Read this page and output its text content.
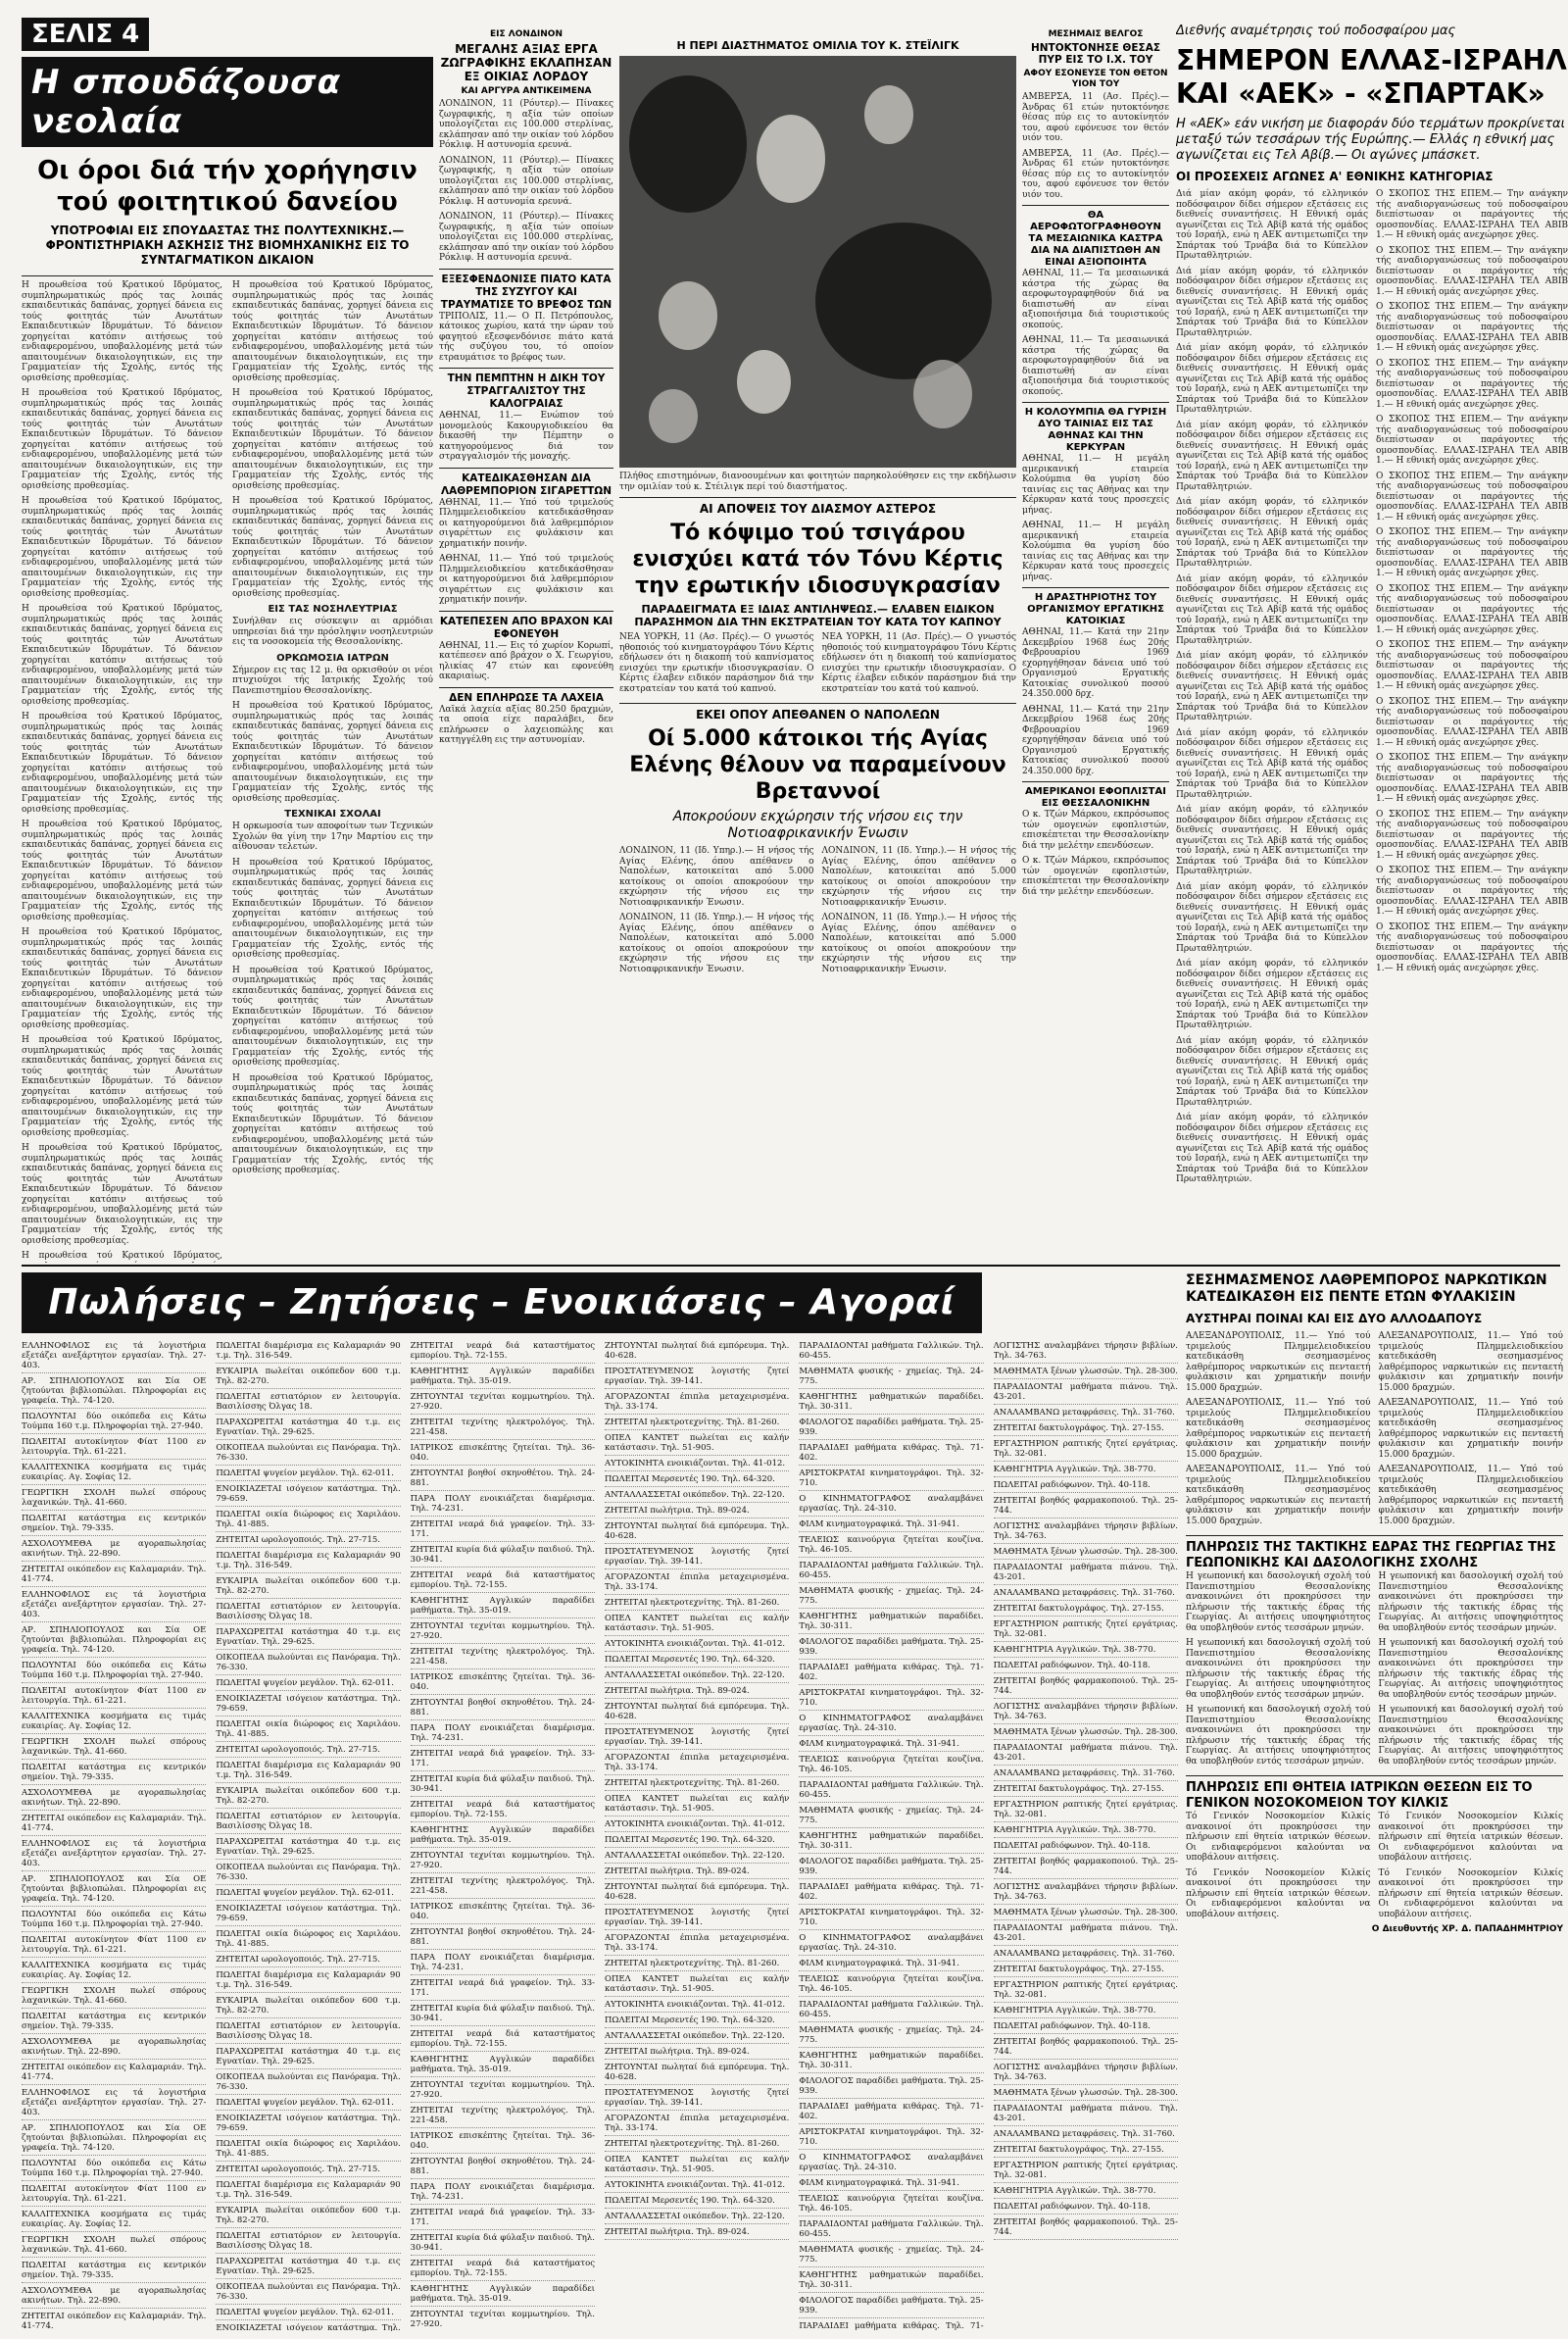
ΣΕΛΙΣ 4
Η σπουδάζουσα νεολαία
Οι όροι διά τήν χορήγησιν τού φοιτητικού δανείου
ΥΠΟΤΡΟΦΙΑΙ ΕΙΣ ΣΠΟΥΔΑΣΤΑΣ ΤΗΣ ΠΟΛΥΤΕΧΝΙΚΗΣ.— ΦΡΟΝΤΙΣΤΗΡΙΑΚΗ ΑΣΚΗΣΙΣ ΤΗΣ ΒΙΟΜΗΧΑΝΙΚΗΣ ΕΙΣ ΤΟ ΣΥΝΤΑΓΜΑΤΙΚΟΝ ΔΙΚΑΙΟΝ

Η προωθείσα τού Κρατικού Ιδρύματος, συμπληρωματικώς πρός τας λοιπάς εκπαιδευτικάς δαπάνας, χορηγεί δάνεια εις τούς φοιτητάς τών Ανωτάτων Εκπαιδευτικών Ιδρυμάτων. Τό δάνειον χορηγείται κατόπιν αιτήσεως τού ενδιαφερομένου, υποβαλλομένης μετά τών απαιτουμένων δικαιολογητικών, εις την Γραμματείαν τής Σχολής, εντός τής ορισθείσης προθεσμίας.

Η προωθείσα τού Κρατικού Ιδρύματος, συμπληρωματικώς πρός τας λοιπάς εκπαιδευτικάς δαπάνας, χορηγεί δάνεια εις τούς φοιτητάς τών Ανωτάτων Εκπαιδευτικών Ιδρυμάτων. Τό δάνειον χορηγείται κατόπιν αιτήσεως τού ενδιαφερομένου, υποβαλλομένης μετά τών απαιτουμένων δικαιολογητικών, εις την Γραμματείαν τής Σχολής, εντός τής ορισθείσης προθεσμίας.

Η προωθείσα τού Κρατικού Ιδρύματος, συμπληρωματικώς πρός τας λοιπάς εκπαιδευτικάς δαπάνας, χορηγεί δάνεια εις τούς φοιτητάς τών Ανωτάτων Εκπαιδευτικών Ιδρυμάτων. Τό δάνειον χορηγείται κατόπιν αιτήσεως τού ενδιαφερομένου, υποβαλλομένης μετά τών απαιτουμένων δικαιολογητικών, εις την Γραμματείαν τής Σχολής, εντός τής ορισθείσης προθεσμίας.

Η προωθείσα τού Κρατικού Ιδρύματος, συμπληρωματικώς πρός τας λοιπάς εκπαιδευτικάς δαπάνας, χορηγεί δάνεια εις τούς φοιτητάς τών Ανωτάτων Εκπαιδευτικών Ιδρυμάτων. Τό δάνειον χορηγείται κατόπιν αιτήσεως τού ενδιαφερομένου, υποβαλλομένης μετά τών απαιτουμένων δικαιολογητικών, εις την Γραμματείαν τής Σχολής, εντός τής ορισθείσης προθεσμίας.

Η προωθείσα τού Κρατικού Ιδρύματος, συμπληρωματικώς πρός τας λοιπάς εκπαιδευτικάς δαπάνας, χορηγεί δάνεια εις τούς φοιτητάς τών Ανωτάτων Εκπαιδευτικών Ιδρυμάτων. Τό δάνειον χορηγείται κατόπιν αιτήσεως τού ενδιαφερομένου, υποβαλλομένης μετά τών απαιτουμένων δικαιολογητικών, εις την Γραμματείαν τής Σχολής, εντός τής ορισθείσης προθεσμίας.

Η προωθείσα τού Κρατικού Ιδρύματος, συμπληρωματικώς πρός τας λοιπάς εκπαιδευτικάς δαπάνας, χορηγεί δάνεια εις τούς φοιτητάς τών Ανωτάτων Εκπαιδευτικών Ιδρυμάτων. Τό δάνειον χορηγείται κατόπιν αιτήσεως τού ενδιαφερομένου, υποβαλλομένης μετά τών απαιτουμένων δικαιολογητικών, εις την Γραμματείαν τής Σχολής, εντός τής ορισθείσης προθεσμίας.

Η προωθείσα τού Κρατικού Ιδρύματος, συμπληρωματικώς πρός τας λοιπάς εκπαιδευτικάς δαπάνας, χορηγεί δάνεια εις τούς φοιτητάς τών Ανωτάτων Εκπαιδευτικών Ιδρυμάτων. Τό δάνειον χορηγείται κατόπιν αιτήσεως τού ενδιαφερομένου, υποβαλλομένης μετά τών απαιτουμένων δικαιολογητικών, εις την Γραμματείαν τής Σχολής, εντός τής ορισθείσης προθεσμίας.

Η προωθείσα τού Κρατικού Ιδρύματος, συμπληρωματικώς πρός τας λοιπάς εκπαιδευτικάς δαπάνας, χορηγεί δάνεια εις τούς φοιτητάς τών Ανωτάτων Εκπαιδευτικών Ιδρυμάτων. Τό δάνειον χορηγείται κατόπιν αιτήσεως τού ενδιαφερομένου, υποβαλλομένης μετά τών απαιτουμένων δικαιολογητικών, εις την Γραμματείαν τής Σχολής, εντός τής ορισθείσης προθεσμίας.

Η προωθείσα τού Κρατικού Ιδρύματος, συμπληρωματικώς πρός τας λοιπάς εκπαιδευτικάς δαπάνας, χορηγεί δάνεια εις τούς φοιτητάς τών Ανωτάτων Εκπαιδευτικών Ιδρυμάτων. Τό δάνειον χορηγείται κατόπιν αιτήσεως τού ενδιαφερομένου, υποβαλλομένης μετά τών απαιτουμένων δικαιολογητικών, εις την Γραμματείαν τής Σχολής, εντός τής ορισθείσης προθεσμίας.

Η προωθείσα τού Κρατικού Ιδρύματος,

Η προωθείσα τού Κρατικού Ιδρύματος, συμπληρωματικώς πρός τας λοιπάς εκπαιδευτικάς δαπάνας, χορηγεί δάνεια εις τούς φοιτητάς τών Ανωτάτων Εκπαιδευτικών Ιδρυμάτων. Τό δάνειον χορηγείται κατόπιν αιτήσεως τού ενδιαφερομένου, υποβαλλομένης μετά τών απαιτουμένων δικαιολογητικών, εις την Γραμματείαν τής Σχολής, εντός τής ορισθείσης προθεσμίας.

Η προωθείσα τού Κρατικού Ιδρύματος, συμπληρωματικώς πρός τας λοιπάς εκπαιδευτικάς δαπάνας, χορηγεί δάνεια εις τούς φοιτητάς τών Ανωτάτων Εκπαιδευτικών Ιδρυμάτων. Τό δάνειον χορηγείται κατόπιν αιτήσεως τού ενδιαφερομένου, υποβαλλομένης μετά τών απαιτουμένων δικαιολογητικών, εις την Γραμματείαν τής Σχολής, εντός τής ορισθείσης προθεσμίας.

Η προωθείσα τού Κρατικού Ιδρύματος, συμπληρωματικώς πρός τας λοιπάς εκπαιδευτικάς δαπάνας, χορηγεί δάνεια εις τούς φοιτητάς τών Ανωτάτων Εκπαιδευτικών Ιδρυμάτων. Τό δάνειον χορηγείται κατόπιν αιτήσεως τού ενδιαφερομένου, υποβαλλομένης μετά τών απαιτουμένων δικαιολογητικών, εις την Γραμματείαν τής Σχολής, εντός τής ορισθείσης προθεσμίας.

ΕΙΣ ΤΑΣ ΝΟΣΗΛΕΥΤΡΙΑΣ

Συνήλθαν εις σύσκεψιν αι αρμόδιαι υπηρεσίαι διά την πρόσληψιν νοσηλευτριών εις τα νοσοκομεία τής Θεσσαλονίκης.

ΟΡΚΩΜΟΣΙΑ ΙΑΤΡΩΝ

Σήμερον εις τας 12 μ. θα ορκισθούν οι νέοι πτυχιούχοι τής Ιατρικής Σχολής τού Πανεπιστημίου Θεσσαλονίκης.

Η προωθείσα τού Κρατικού Ιδρύματος, συμπληρωματικώς πρός τας λοιπάς εκπαιδευτικάς δαπάνας, χορηγεί δάνεια εις τούς φοιτητάς τών Ανωτάτων Εκπαιδευτικών Ιδρυμάτων. Τό δάνειον χορηγείται κατόπιν αιτήσεως τού ενδιαφερομένου, υποβαλλομένης μετά τών απαιτουμένων δικαιολογητικών, εις την Γραμματείαν τής Σχολής, εντός τής ορισθείσης προθεσμίας.

ΤΕΧΝΙΚΑΙ ΣΧΟΛΑΙ

Η ορκωμοσία των αποφοίτων των Τεχνικών Σχολών θα γίνη την 17ην Μαρτίου εις την αίθουσαν τελετών.

Η προωθείσα τού Κρατικού Ιδρύματος, συμπληρωματικώς πρός τας λοιπάς εκπαιδευτικάς δαπάνας, χορηγεί δάνεια εις τούς φοιτητάς τών Ανωτάτων Εκπαιδευτικών Ιδρυμάτων. Τό δάνειον χορηγείται κατόπιν αιτήσεως τού ενδιαφερομένου, υποβαλλομένης μετά τών απαιτουμένων δικαιολογητικών, εις την Γραμματείαν τής Σχολής, εντός τής ορισθείσης προθεσμίας.

Η προωθείσα τού Κρατικού Ιδρύματος, συμπληρωματικώς πρός τας λοιπάς εκπαιδευτικάς δαπάνας, χορηγεί δάνεια εις τούς φοιτητάς τών Ανωτάτων Εκπαιδευτικών Ιδρυμάτων. Τό δάνειον χορηγείται κατόπιν αιτήσεως τού ενδιαφερομένου, υποβαλλομένης μετά τών απαιτουμένων δικαιολογητικών, εις την Γραμματείαν τής Σχολής, εντός τής ορισθείσης προθεσμίας.

Η προωθείσα τού Κρατικού Ιδρύματος, συμπληρωματικώς πρός τας λοιπάς εκπαιδευτικάς δαπάνας, χορηγεί δάνεια εις τούς φοιτητάς τών Ανωτάτων Εκπαιδευτικών Ιδρυμάτων. Τό δάνειον χορηγείται κατόπιν αιτήσεως τού ενδιαφερομένου, υποβαλλομένης μετά τών απαιτουμένων δικαιολογητικών, εις την Γραμματείαν τής Σχολής, εντός τής ορισθείσης προθεσμίας.

ΕΙΣ ΛΟΝΔΙΝΟΝ
ΜΕΓΑΛΗΣ ΑΞΙΑΣ ΕΡΓΑ ΖΩΓΡΑΦΙΚΗΣ ΕΚΛΑΠΗΣΑΝ ΕΞ ΟΙΚΙΑΣ ΛΟΡΔΟΥ
ΚΑΙ ΑΡΓΥΡΑ ΑΝΤΙΚΕΙΜΕΝΑ

ΛΟΝΔΙΝΟΝ, 11 (Ρόυτερ).— Πίνακες ζωγραφικής, η αξία τών οποίων υπολογίζεται εις 100.000 στερλίνας, εκλάπησαν από την οικίαν τού λόρδου Ρόκλιφ. Η αστυνομία ερευνά.

ΛΟΝΔΙΝΟΝ, 11 (Ρόυτερ).— Πίνακες ζωγραφικής, η αξία τών οποίων υπολογίζεται εις 100.000 στερλίνας, εκλάπησαν από την οικίαν τού λόρδου Ρόκλιφ. Η αστυνομία ερευνά.

ΛΟΝΔΙΝΟΝ, 11 (Ρόυτερ).— Πίνακες ζωγραφικής, η αξία τών οποίων υπολογίζεται εις 100.000 στερλίνας, εκλάπησαν από την οικίαν τού λόρδου Ρόκλιφ. Η αστυνομία ερευνά.

ΕΞΕΣΦΕΝΔΟΝΙΣΕ ΠΙΑΤΟ ΚΑΤΑ ΤΗΣ ΣΥΖΥΓΟΥ ΚΑΙ ΤΡΑΥΜΑΤΙΣΕ ΤΟ ΒΡΕΦΟΣ ΤΩΝ

ΤΡΙΠΟΛΙΣ, 11.— Ο Π. Πετρόπουλος, κάτοικος χωρίου, κατά την ώραν τού φαγητού εξεσφενδόνισε πιάτο κατά τής συζύγου του, τό οποίον ετραυμάτισε το βρέφος των.

ΤΗΝ ΠΕΜΠΤΗΝ Η ΔΙΚΗ ΤΟΥ ΣΤΡΑΓΓΑΛΙΣΤΟΥ ΤΗΣ ΚΑΛΟΓΡΑΙΑΣ

ΑΘΗΝΑΙ, 11.— Ενώπιον τού μονομελούς Κακουργιοδικείου θα δικασθή την Πέμπτην ο κατηγορούμενος διά τον στραγγαλισμόν τής μοναχής.

ΚΑΤΕΔΙΚΑΣΘΗΣΑΝ ΔΙΑ ΛΑΘΡΕΜΠΟΡΙΟΝ ΣΙΓΑΡΕΤΤΩΝ

ΑΘΗΝΑΙ, 11.— Υπό τού τριμελούς Πλημμελειοδικείου κατεδικάσθησαν οι κατηγορούμενοι διά λαθρεμπόριον σιγαρέττων εις φυλάκισιν και χρηματικήν ποινήν.

ΑΘΗΝΑΙ, 11.— Υπό τού τριμελούς Πλημμελειοδικείου κατεδικάσθησαν οι κατηγορούμενοι διά λαθρεμπόριον σιγαρέττων εις φυλάκισιν και χρηματικήν ποινήν.

ΚΑΤΕΠΕΣΕΝ ΑΠΟ ΒΡΑΧΟΝ ΚΑΙ ΕΦΟΝΕΥΘΗ

ΑΘΗΝΑΙ, 11.— Εις τό χωρίον Κορωπί, κατέπεσεν από βράχον ο Χ. Γεωργίου, ηλικίας 47 ετών και εφονεύθη ακαριαίως.

ΔΕΝ ΕΠΛΗΡΩΣΕ ΤΑ ΛΑΧΕΙΑ

Λαϊκά λαχεία αξίας 80.250 δραχμών, τα οποία είχε παραλάβει, δεν επλήρωσεν ο λαχειοπώλης και κατηγγέλθη εις την αστυνομίαν.

Η ΠΕΡΙ ΔΙΑΣΤΗΜΑΤΟΣ ΟΜΙΛΙΑ ΤΟΥ Κ. ΣΤΕΪΛΙΓΚ

Πλήθος επιστημόνων, διανοουμένων και φοιτητών παρηκολούθησεν εις την εκδήλωσιν την ομιλίαν τού κ. Στέιλιγκ περί τού διαστήματος.

ΑΙ ΑΠΟΨΕΙΣ ΤΟΥ ΔΙΑΣΜΟΥ ΑΣΤΕΡΟΣ
Τό κόψιμο τού τσιγάρου ενισχύει κατά τόν Τόνυ Κέρτις την ερωτικήν ιδιοσυγκρασίαν
ΠΑΡΑΔΕΙΓΜΑΤΑ ΕΞ ΙΔΙΑΣ ΑΝΤΙΛΗΨΕΩΣ.— ΕΛΑΒΕΝ ΕΙΔΙΚΟΝ ΠΑΡΑΣΗΜΟΝ ΔΙΑ ΤΗΝ ΕΚΣΤΡΑΤΕΙΑΝ ΤΟΥ ΚΑΤΑ ΤΟΥ ΚΑΠΝΟΥ

ΝΕΑ ΥΟΡΚΗ, 11 (Ασ. Πρές).— Ο γνωστός ηθοποιός τού κινηματογράφου Τόνυ Κέρτις εδήλωσεν ότι η διακοπή τού καπνίσματος ενισχύει την ερωτικήν ιδιοσυγκρασίαν. Ο Κέρτις έλαβεν ειδικόν παράσημον διά την εκστρατείαν του κατά τού καπνού.

ΝΕΑ ΥΟΡΚΗ, 11 (Ασ. Πρές).— Ο γνωστός ηθοποιός τού κινηματογράφου Τόνυ Κέρτις εδήλωσεν ότι η διακοπή τού καπνίσματος ενισχύει την ερωτικήν ιδιοσυγκρασίαν. Ο Κέρτις έλαβεν ειδικόν παράσημον διά την εκστρατείαν του κατά τού καπνού.

ΕΚΕΙ ΟΠΟΥ ΑΠΕΘΑΝΕΝ Ο ΝΑΠΟΛΕΩΝ
Οί 5.000 κάτοικοι τής Αγίας Ελένης θέλουν να παραμείνουν Βρεταννοί
Αποκρούουν εκχώρησιν τής νήσου εις την Νοτιοαφρικανικήν Ένωσιν

ΛΟΝΔΙΝΟΝ, 11 (Ιδ. Υπηρ.).— Η νήσος τής Αγίας Ελένης, όπου απέθανεν ο Ναπολέων, κατοικείται από 5.000 κατοίκους οι οποίοι αποκρούουν την εκχώρησιν τής νήσου εις την Νοτιοαφρικανικήν Ένωσιν.

ΛΟΝΔΙΝΟΝ, 11 (Ιδ. Υπηρ.).— Η νήσος τής Αγίας Ελένης, όπου απέθανεν ο Ναπολέων, κατοικείται από 5.000 κατοίκους οι οποίοι αποκρούουν την εκχώρησιν τής νήσου εις την Νοτιοαφρικανικήν Ένωσιν.

ΛΟΝΔΙΝΟΝ, 11 (Ιδ. Υπηρ.).— Η νήσος τής Αγίας Ελένης, όπου απέθανεν ο Ναπολέων, κατοικείται από 5.000 κατοίκους οι οποίοι αποκρούουν την εκχώρησιν τής νήσου εις την Νοτιοαφρικανικήν Ένωσιν.

ΛΟΝΔΙΝΟΝ, 11 (Ιδ. Υπηρ.).— Η νήσος τής Αγίας Ελένης, όπου απέθανεν ο Ναπολέων, κατοικείται από 5.000 κατοίκους οι οποίοι αποκρούουν την εκχώρησιν τής νήσου εις την Νοτιοαφρικανικήν Ένωσιν.

ΜΕΣΗΜΑΙΣ ΒΕΛΓΟΣ
ΗΝΤΟΚΤΟΝΗΣΕ ΘΕΣΑΣ ΠΥΡ ΕΙΣ ΤΟ Ι.Χ. ΤΟΥ
ΑΦΟΥ ΕΣΟΝΕΥΣΕ ΤΟΝ ΘΕΤΟΝ ΥΙΟΝ ΤΟΥ

ΑΜΒΕΡΣΑ, 11 (Ασ. Πρές).— Άνδρας 61 ετών ηυτοκτόνησε θέσας πύρ εις το αυτοκίνητόν του, αφού εφόνευσε τον θετόν υιόν του.

ΑΜΒΕΡΣΑ, 11 (Ασ. Πρές).— Άνδρας 61 ετών ηυτοκτόνησε θέσας πύρ εις το αυτοκίνητόν του, αφού εφόνευσε τον θετόν υιόν του.

ΘΑ ΑΕΡΟΦΩΤΟΓΡΑΦΗΘΟΥΝ ΤΑ ΜΕΣΑΙΩΝΙΚΑ ΚΑΣΤΡΑ ΔΙΑ ΝΑ ΔΙΑΠΙΣΤΩΘΗ ΑΝ ΕΙΝΑΙ ΑΞΙΟΠΟΙΗΤΑ

ΑΘΗΝΑΙ, 11.— Τα μεσαιωνικά κάστρα τής χώρας θα αεροφωτογραφηθούν διά να διαπιστωθή αν είναι αξιοποιήσιμα διά τουριστικούς σκοπούς.

ΑΘΗΝΑΙ, 11.— Τα μεσαιωνικά κάστρα τής χώρας θα αεροφωτογραφηθούν διά να διαπιστωθή αν είναι αξιοποιήσιμα διά τουριστικούς σκοπούς.

Η ΚΟΛΟΥΜΠΙΑ ΘΑ ΓΥΡΙΣΗ ΔΥΟ ΤΑΙΝΙΑΣ ΕΙΣ ΤΑΣ ΑΘΗΝΑΣ ΚΑΙ ΤΗΝ ΚΕΡΚΥΡΑΝ

ΑΘΗΝΑΙ, 11.— Η μεγάλη αμερικανική εταιρεία Κολούμπια θα γυρίση δύο ταινίας εις τας Αθήνας και την Κέρκυραν κατά τους προσεχείς μήνας.

ΑΘΗΝΑΙ, 11.— Η μεγάλη αμερικανική εταιρεία Κολούμπια θα γυρίση δύο ταινίας εις τας Αθήνας και την Κέρκυραν κατά τους προσεχείς μήνας.

Η ΔΡΑΣΤΗΡΙΟΤΗΣ ΤΟΥ ΟΡΓΑΝΙΣΜΟΥ ΕΡΓΑΤΙΚΗΣ ΚΑΤΟΙΚΙΑΣ

ΑΘΗΝΑΙ, 11.— Κατά την 21ην Δεκεμβρίου 1968 έως 20ής Φεβρουαρίου 1969 εχορηγήθησαν δάνεια υπό τού Οργανισμού Εργατικής Κατοικίας συνολικού ποσού 24.350.000 δρχ.

ΑΘΗΝΑΙ, 11.— Κατά την 21ην Δεκεμβρίου 1968 έως 20ής Φεβρουαρίου 1969 εχορηγήθησαν δάνεια υπό τού Οργανισμού Εργατικής Κατοικίας συνολικού ποσού 24.350.000 δρχ.

ΑΜΕΡΙΚΑΝΟΙ ΕΦΟΠΛΙΣΤΑΙ ΕΙΣ ΘΕΣΣΑΛΟΝΙΚΗΝ

Ο κ. Τζών Μάρκου, εκπρόσωπος τών ομογενών εφοπλιστών, επισκέπτεται την Θεσσαλονίκην διά την μελέτην επενδύσεων.

Ο κ. Τζών Μάρκου, εκπρόσωπος τών ομογενών εφοπλιστών, επισκέπτεται την Θεσσαλονίκην διά την μελέτην επενδύσεων.

Διεθνής αναμέτρησις τού ποδοσφαίρου μας
ΣΗΜΕΡΟΝ ΕΛΛΑΣ-ΙΣΡΑΗΛ ΚΑΙ «ΑΕΚ» - «ΣΠΑΡΤΑΚ»
Η «ΑΕΚ» εάν νικήση με διαφοράν δύο τερμάτων προκρίνεται μεταξύ τών τεσσάρων τής Ευρώπης.— Ελλάς η εθνική μας αγωνίζεται εις Τελ Αβίβ.— Οι αγώνες μπάσκετ.
ΟΙ ΠΡΟΣΕΧΕΙΣ ΑΓΩΝΕΣ Α' ΕΘΝΙΚΗΣ ΚΑΤΗΓΟΡΙΑΣ

Διά μίαν ακόμη φοράν, τό ελληνικόν ποδόσφαιρον δίδει σήμερον εξετάσεις εις διεθνείς συναντήσεις. Η Εθνική ομάς αγωνίζεται εις Τελ Αβίβ κατά τής ομάδος τού Ισραήλ, ενώ η ΑΕΚ αντιμετωπίζει την Σπάρτακ τού Τρνάβα διά το Κύπελλον Πρωταθλητριών.

Διά μίαν ακόμη φοράν, τό ελληνικόν ποδόσφαιρον δίδει σήμερον εξετάσεις εις διεθνείς συναντήσεις. Η Εθνική ομάς αγωνίζεται εις Τελ Αβίβ κατά τής ομάδος τού Ισραήλ, ενώ η ΑΕΚ αντιμετωπίζει την Σπάρτακ τού Τρνάβα διά το Κύπελλον Πρωταθλητριών.

Διά μίαν ακόμη φοράν, τό ελληνικόν ποδόσφαιρον δίδει σήμερον εξετάσεις εις διεθνείς συναντήσεις. Η Εθνική ομάς αγωνίζεται εις Τελ Αβίβ κατά τής ομάδος τού Ισραήλ, ενώ η ΑΕΚ αντιμετωπίζει την Σπάρτακ τού Τρνάβα διά το Κύπελλον Πρωταθλητριών.

Διά μίαν ακόμη φοράν, τό ελληνικόν ποδόσφαιρον δίδει σήμερον εξετάσεις εις διεθνείς συναντήσεις. Η Εθνική ομάς αγωνίζεται εις Τελ Αβίβ κατά τής ομάδος τού Ισραήλ, ενώ η ΑΕΚ αντιμετωπίζει την Σπάρτακ τού Τρνάβα διά το Κύπελλον Πρωταθλητριών.

Διά μίαν ακόμη φοράν, τό ελληνικόν ποδόσφαιρον δίδει σήμερον εξετάσεις εις διεθνείς συναντήσεις. Η Εθνική ομάς αγωνίζεται εις Τελ Αβίβ κατά τής ομάδος τού Ισραήλ, ενώ η ΑΕΚ αντιμετωπίζει την Σπάρτακ τού Τρνάβα διά το Κύπελλον Πρωταθλητριών.

Διά μίαν ακόμη φοράν, τό ελληνικόν ποδόσφαιρον δίδει σήμερον εξετάσεις εις διεθνείς συναντήσεις. Η Εθνική ομάς αγωνίζεται εις Τελ Αβίβ κατά τής ομάδος τού Ισραήλ, ενώ η ΑΕΚ αντιμετωπίζει την Σπάρτακ τού Τρνάβα διά το Κύπελλον Πρωταθλητριών.

Διά μίαν ακόμη φοράν, τό ελληνικόν ποδόσφαιρον δίδει σήμερον εξετάσεις εις διεθνείς συναντήσεις. Η Εθνική ομάς αγωνίζεται εις Τελ Αβίβ κατά τής ομάδος τού Ισραήλ, ενώ η ΑΕΚ αντιμετωπίζει την Σπάρτακ τού Τρνάβα διά το Κύπελλον Πρωταθλητριών.

Διά μίαν ακόμη φοράν, τό ελληνικόν ποδόσφαιρον δίδει σήμερον εξετάσεις εις διεθνείς συναντήσεις. Η Εθνική ομάς αγωνίζεται εις Τελ Αβίβ κατά τής ομάδος τού Ισραήλ, ενώ η ΑΕΚ αντιμετωπίζει την Σπάρτακ τού Τρνάβα διά το Κύπελλον Πρωταθλητριών.

Διά μίαν ακόμη φοράν, τό ελληνικόν ποδόσφαιρον δίδει σήμερον εξετάσεις εις διεθνείς συναντήσεις. Η Εθνική ομάς αγωνίζεται εις Τελ Αβίβ κατά τής ομάδος τού Ισραήλ, ενώ η ΑΕΚ αντιμετωπίζει την Σπάρτακ τού Τρνάβα διά το Κύπελλον Πρωταθλητριών.

Διά μίαν ακόμη φοράν, τό ελληνικόν ποδόσφαιρον δίδει σήμερον εξετάσεις εις διεθνείς συναντήσεις. Η Εθνική ομάς αγωνίζεται εις Τελ Αβίβ κατά τής ομάδος τού Ισραήλ, ενώ η ΑΕΚ αντιμετωπίζει την Σπάρτακ τού Τρνάβα διά το Κύπελλον Πρωταθλητριών.

Διά μίαν ακόμη φοράν, τό ελληνικόν ποδόσφαιρον δίδει σήμερον εξετάσεις εις διεθνείς συναντήσεις. Η Εθνική ομάς αγωνίζεται εις Τελ Αβίβ κατά τής ομάδος τού Ισραήλ, ενώ η ΑΕΚ αντιμετωπίζει την Σπάρτακ τού Τρνάβα διά το Κύπελλον Πρωταθλητριών.

Διά μίαν ακόμη φοράν, τό ελληνικόν ποδόσφαιρον δίδει σήμερον εξετάσεις εις διεθνείς συναντήσεις. Η Εθνική ομάς αγωνίζεται εις Τελ Αβίβ κατά τής ομάδος τού Ισραήλ, ενώ η ΑΕΚ αντιμετωπίζει την Σπάρτακ τού Τρνάβα διά το Κύπελλον Πρωταθλητριών.

Διά μίαν ακόμη φοράν, τό ελληνικόν ποδόσφαιρον δίδει σήμερον εξετάσεις εις διεθνείς συναντήσεις. Η Εθνική ομάς αγωνίζεται εις Τελ Αβίβ κατά τής ομάδος τού Ισραήλ, ενώ η ΑΕΚ αντιμετωπίζει την Σπάρτακ τού Τρνάβα διά το Κύπελλον Πρωταθλητριών.

Ο ΣΚΟΠΟΣ ΤΗΣ ΕΠΕΜ.— Την ανάγκην τής αναδιοργανώσεως τού ποδοσφαίρου διεπίστωσαν οι παράγοντες τής ομοσπονδίας. ΕΛΛΑΣ-ΙΣΡΑΗΛ ΤΕΛ ΑΒΙΒ 1.— Η εθνική ομάς ανεχώρησε χθες.

Ο ΣΚΟΠΟΣ ΤΗΣ ΕΠΕΜ.— Την ανάγκην τής αναδιοργανώσεως τού ποδοσφαίρου διεπίστωσαν οι παράγοντες τής ομοσπονδίας. ΕΛΛΑΣ-ΙΣΡΑΗΛ ΤΕΛ ΑΒΙΒ 1.— Η εθνική ομάς ανεχώρησε χθες.

Ο ΣΚΟΠΟΣ ΤΗΣ ΕΠΕΜ.— Την ανάγκην τής αναδιοργανώσεως τού ποδοσφαίρου διεπίστωσαν οι παράγοντες τής ομοσπονδίας. ΕΛΛΑΣ-ΙΣΡΑΗΛ ΤΕΛ ΑΒΙΒ 1.— Η εθνική ομάς ανεχώρησε χθες.

Ο ΣΚΟΠΟΣ ΤΗΣ ΕΠΕΜ.— Την ανάγκην τής αναδιοργανώσεως τού ποδοσφαίρου διεπίστωσαν οι παράγοντες τής ομοσπονδίας. ΕΛΛΑΣ-ΙΣΡΑΗΛ ΤΕΛ ΑΒΙΒ 1.— Η εθνική ομάς ανεχώρησε χθες.

Ο ΣΚΟΠΟΣ ΤΗΣ ΕΠΕΜ.— Την ανάγκην τής αναδιοργανώσεως τού ποδοσφαίρου διεπίστωσαν οι παράγοντες τής ομοσπονδίας. ΕΛΛΑΣ-ΙΣΡΑΗΛ ΤΕΛ ΑΒΙΒ 1.— Η εθνική ομάς ανεχώρησε χθες.

Ο ΣΚΟΠΟΣ ΤΗΣ ΕΠΕΜ.— Την ανάγκην τής αναδιοργανώσεως τού ποδοσφαίρου διεπίστωσαν οι παράγοντες τής ομοσπονδίας. ΕΛΛΑΣ-ΙΣΡΑΗΛ ΤΕΛ ΑΒΙΒ 1.— Η εθνική ομάς ανεχώρησε χθες.

Ο ΣΚΟΠΟΣ ΤΗΣ ΕΠΕΜ.— Την ανάγκην τής αναδιοργανώσεως τού ποδοσφαίρου διεπίστωσαν οι παράγοντες τής ομοσπονδίας. ΕΛΛΑΣ-ΙΣΡΑΗΛ ΤΕΛ ΑΒΙΒ 1.— Η εθνική ομάς ανεχώρησε χθες.

Ο ΣΚΟΠΟΣ ΤΗΣ ΕΠΕΜ.— Την ανάγκην τής αναδιοργανώσεως τού ποδοσφαίρου διεπίστωσαν οι παράγοντες τής ομοσπονδίας. ΕΛΛΑΣ-ΙΣΡΑΗΛ ΤΕΛ ΑΒΙΒ 1.— Η εθνική ομάς ανεχώρησε χθες.

Ο ΣΚΟΠΟΣ ΤΗΣ ΕΠΕΜ.— Την ανάγκην τής αναδιοργανώσεως τού ποδοσφαίρου διεπίστωσαν οι παράγοντες τής ομοσπονδίας. ΕΛΛΑΣ-ΙΣΡΑΗΛ ΤΕΛ ΑΒΙΒ 1.— Η εθνική ομάς ανεχώρησε χθες.

Ο ΣΚΟΠΟΣ ΤΗΣ ΕΠΕΜ.— Την ανάγκην τής αναδιοργανώσεως τού ποδοσφαίρου διεπίστωσαν οι παράγοντες τής ομοσπονδίας. ΕΛΛΑΣ-ΙΣΡΑΗΛ ΤΕΛ ΑΒΙΒ 1.— Η εθνική ομάς ανεχώρησε χθες.

Ο ΣΚΟΠΟΣ ΤΗΣ ΕΠΕΜ.— Την ανάγκην τής αναδιοργανώσεως τού ποδοσφαίρου διεπίστωσαν οι παράγοντες τής ομοσπονδίας. ΕΛΛΑΣ-ΙΣΡΑΗΛ ΤΕΛ ΑΒΙΒ 1.— Η εθνική ομάς ανεχώρησε χθες.

Ο ΣΚΟΠΟΣ ΤΗΣ ΕΠΕΜ.— Την ανάγκην τής αναδιοργανώσεως τού ποδοσφαίρου διεπίστωσαν οι παράγοντες τής ομοσπονδίας. ΕΛΛΑΣ-ΙΣΡΑΗΛ ΤΕΛ ΑΒΙΒ 1.— Η εθνική ομάς ανεχώρησε χθες.

Ο ΣΚΟΠΟΣ ΤΗΣ ΕΠΕΜ.— Την ανάγκην τής αναδιοργανώσεως τού ποδοσφαίρου διεπίστωσαν οι παράγοντες τής ομοσπονδίας. ΕΛΛΑΣ-ΙΣΡΑΗΛ ΤΕΛ ΑΒΙΒ 1.— Η εθνική ομάς ανεχώρησε χθες.

Ο ΣΚΟΠΟΣ ΤΗΣ ΕΠΕΜ.— Την ανάγκην τής αναδιοργανώσεως τού ποδοσφαίρου διεπίστωσαν οι παράγοντες τής ομοσπονδίας. ΕΛΛΑΣ-ΙΣΡΑΗΛ ΤΕΛ ΑΒΙΒ 1.— Η εθνική ομάς ανεχώρησε χθες.

Πωλήσεις – Ζητήσεις – Ενοικιάσεις – Αγοραί

ΕΛΛΗΝΟΦΙΛΟΣ εις τά λογιστήρια εξετάζει ανεξάρτητον εργασίαν. Τηλ. 27-403.

ΑΡ. ΣΠΗΛΙΟΠΟΥΛΟΣ και Σία ΟΕ ζητούνται βιβλιοπώλαι. Πληροφορίαι εις γραφεία. Τηλ. 74-120.

ΠΩΛΟΥΝΤΑΙ δύο οικόπεδα εις Κάτω Τούμπα 160 τ.μ. Πληροφορίαι τηλ. 27-940.

ΠΩΛΕΙΤΑΙ αυτοκίνητον Φίατ 1100 εν λειτουργία. Τηλ. 61-221.

ΚΑΛΛΙΤΕΧΝΙΚΑ κοσμήματα εις τιμάς ευκαιρίας. Αγ. Σοφίας 12.

ΓΕΩΡΓΙΚΗ ΣΧΟΛΗ πωλεί σπόρους λαχανικών. Τηλ. 41-660.

ΠΩΛΕΙΤΑΙ κατάστημα εις κεντρικόν σημείον. Τηλ. 79-335.

ΑΣΧΟΛΟΥΜΕΘΑ με αγοραπωλησίας ακινήτων. Τηλ. 22-890.

ΖΗΤΕΙΤΑΙ οικόπεδον εις Καλαμαριάν. Τηλ. 41-774.

ΕΛΛΗΝΟΦΙΛΟΣ εις τά λογιστήρια εξετάζει ανεξάρτητον εργασίαν. Τηλ. 27-403.

ΑΡ. ΣΠΗΛΙΟΠΟΥΛΟΣ και Σία ΟΕ ζητούνται βιβλιοπώλαι. Πληροφορίαι εις γραφεία. Τηλ. 74-120.

ΠΩΛΟΥΝΤΑΙ δύο οικόπεδα εις Κάτω Τούμπα 160 τ.μ. Πληροφορίαι τηλ. 27-940.

ΠΩΛΕΙΤΑΙ αυτοκίνητον Φίατ 1100 εν λειτουργία. Τηλ. 61-221.

ΚΑΛΛΙΤΕΧΝΙΚΑ κοσμήματα εις τιμάς ευκαιρίας. Αγ. Σοφίας 12.

ΓΕΩΡΓΙΚΗ ΣΧΟΛΗ πωλεί σπόρους λαχανικών. Τηλ. 41-660.

ΠΩΛΕΙΤΑΙ κατάστημα εις κεντρικόν σημείον. Τηλ. 79-335.

ΑΣΧΟΛΟΥΜΕΘΑ με αγοραπωλησίας ακινήτων. Τηλ. 22-890.

ΖΗΤΕΙΤΑΙ οικόπεδον εις Καλαμαριάν. Τηλ. 41-774.

ΕΛΛΗΝΟΦΙΛΟΣ εις τά λογιστήρια εξετάζει ανεξάρτητον εργασίαν. Τηλ. 27-403.

ΑΡ. ΣΠΗΛΙΟΠΟΥΛΟΣ και Σία ΟΕ ζητούνται βιβλιοπώλαι. Πληροφορίαι εις γραφεία. Τηλ. 74-120.

ΠΩΛΟΥΝΤΑΙ δύο οικόπεδα εις Κάτω Τούμπα 160 τ.μ. Πληροφορίαι τηλ. 27-940.

ΠΩΛΕΙΤΑΙ αυτοκίνητον Φίατ 1100 εν λειτουργία. Τηλ. 61-221.

ΚΑΛΛΙΤΕΧΝΙΚΑ κοσμήματα εις τιμάς ευκαιρίας. Αγ. Σοφίας 12.

ΓΕΩΡΓΙΚΗ ΣΧΟΛΗ πωλεί σπόρους λαχανικών. Τηλ. 41-660.

ΠΩΛΕΙΤΑΙ κατάστημα εις κεντρικόν σημείον. Τηλ. 79-335.

ΑΣΧΟΛΟΥΜΕΘΑ με αγοραπωλησίας ακινήτων. Τηλ. 22-890.

ΖΗΤΕΙΤΑΙ οικόπεδον εις Καλαμαριάν. Τηλ. 41-774.

ΕΛΛΗΝΟΦΙΛΟΣ εις τά λογιστήρια εξετάζει ανεξάρτητον εργασίαν. Τηλ. 27-403.

ΑΡ. ΣΠΗΛΙΟΠΟΥΛΟΣ και Σία ΟΕ ζητούνται βιβλιοπώλαι. Πληροφορίαι εις γραφεία. Τηλ. 74-120.

ΠΩΛΟΥΝΤΑΙ δύο οικόπεδα εις Κάτω Τούμπα 160 τ.μ. Πληροφορίαι τηλ. 27-940.

ΠΩΛΕΙΤΑΙ αυτοκίνητον Φίατ 1100 εν λειτουργία. Τηλ. 61-221.

ΚΑΛΛΙΤΕΧΝΙΚΑ κοσμήματα εις τιμάς ευκαιρίας. Αγ. Σοφίας 12.

ΓΕΩΡΓΙΚΗ ΣΧΟΛΗ πωλεί σπόρους λαχανικών. Τηλ. 41-660.

ΠΩΛΕΙΤΑΙ κατάστημα εις κεντρικόν σημείον. Τηλ. 79-335.

ΑΣΧΟΛΟΥΜΕΘΑ με αγοραπωλησίας ακινήτων. Τηλ. 22-890.

ΖΗΤΕΙΤΑΙ οικόπεδον εις Καλαμαριάν. Τηλ. 41-774.

ΠΩΛΕΙΤΑΙ διαμέρισμα εις Καλαμαριάν 90 τ.μ. Τηλ. 316-549.

ΕΥΚΑΙΡΙΑ πωλείται οικόπεδον 600 τ.μ. Τηλ. 82-270.

ΠΩΛΕΙΤΑΙ εστιατόριον εν λειτουργία. Βασιλίσσης Όλγας 18.

ΠΑΡΑΧΩΡΕΙΤΑΙ κατάστημα 40 τ.μ. εις Εγνατίαν. Τηλ. 29-625.

ΟΙΚΟΠΕΔΑ πωλούνται εις Πανόραμα. Τηλ. 76-330.

ΠΩΛΕΙΤΑΙ ψυγείον μεγάλον. Τηλ. 62-011.

ΕΝΟΙΚΙΑΖΕΤΑΙ ισόγειον κατάστημα. Τηλ. 79-659.

ΠΩΛΕΙΤΑΙ οικία διώροφος εις Χαριλάου. Τηλ. 41-885.

ΖΗΤΕΙΤΑΙ ωρολογοποιός. Τηλ. 27-715.

ΠΩΛΕΙΤΑΙ διαμέρισμα εις Καλαμαριάν 90 τ.μ. Τηλ. 316-549.

ΕΥΚΑΙΡΙΑ πωλείται οικόπεδον 600 τ.μ. Τηλ. 82-270.

ΠΩΛΕΙΤΑΙ εστιατόριον εν λειτουργία. Βασιλίσσης Όλγας 18.

ΠΑΡΑΧΩΡΕΙΤΑΙ κατάστημα 40 τ.μ. εις Εγνατίαν. Τηλ. 29-625.

ΟΙΚΟΠΕΔΑ πωλούνται εις Πανόραμα. Τηλ. 76-330.

ΠΩΛΕΙΤΑΙ ψυγείον μεγάλον. Τηλ. 62-011.

ΕΝΟΙΚΙΑΖΕΤΑΙ ισόγειον κατάστημα. Τηλ. 79-659.

ΠΩΛΕΙΤΑΙ οικία διώροφος εις Χαριλάου. Τηλ. 41-885.

ΖΗΤΕΙΤΑΙ ωρολογοποιός. Τηλ. 27-715.

ΠΩΛΕΙΤΑΙ διαμέρισμα εις Καλαμαριάν 90 τ.μ. Τηλ. 316-549.

ΕΥΚΑΙΡΙΑ πωλείται οικόπεδον 600 τ.μ. Τηλ. 82-270.

ΠΩΛΕΙΤΑΙ εστιατόριον εν λειτουργία. Βασιλίσσης Όλγας 18.

ΠΑΡΑΧΩΡΕΙΤΑΙ κατάστημα 40 τ.μ. εις Εγνατίαν. Τηλ. 29-625.

ΟΙΚΟΠΕΔΑ πωλούνται εις Πανόραμα. Τηλ. 76-330.

ΠΩΛΕΙΤΑΙ ψυγείον μεγάλον. Τηλ. 62-011.

ΕΝΟΙΚΙΑΖΕΤΑΙ ισόγειον κατάστημα. Τηλ. 79-659.

ΠΩΛΕΙΤΑΙ οικία διώροφος εις Χαριλάου. Τηλ. 41-885.

ΖΗΤΕΙΤΑΙ ωρολογοποιός. Τηλ. 27-715.

ΠΩΛΕΙΤΑΙ διαμέρισμα εις Καλαμαριάν 90 τ.μ. Τηλ. 316-549.

ΕΥΚΑΙΡΙΑ πωλείται οικόπεδον 600 τ.μ. Τηλ. 82-270.

ΠΩΛΕΙΤΑΙ εστιατόριον εν λειτουργία. Βασιλίσσης Όλγας 18.

ΠΑΡΑΧΩΡΕΙΤΑΙ κατάστημα 40 τ.μ. εις Εγνατίαν. Τηλ. 29-625.

ΟΙΚΟΠΕΔΑ πωλούνται εις Πανόραμα. Τηλ. 76-330.

ΠΩΛΕΙΤΑΙ ψυγείον μεγάλον. Τηλ. 62-011.

ΕΝΟΙΚΙΑΖΕΤΑΙ ισόγειον κατάστημα. Τηλ. 79-659.

ΠΩΛΕΙΤΑΙ οικία διώροφος εις Χαριλάου. Τηλ. 41-885.

ΖΗΤΕΙΤΑΙ ωρολογοποιός. Τηλ. 27-715.

ΠΩΛΕΙΤΑΙ διαμέρισμα εις Καλαμαριάν 90 τ.μ. Τηλ. 316-549.

ΕΥΚΑΙΡΙΑ πωλείται οικόπεδον 600 τ.μ. Τηλ. 82-270.

ΠΩΛΕΙΤΑΙ εστιατόριον εν λειτουργία. Βασιλίσσης Όλγας 18.

ΠΑΡΑΧΩΡΕΙΤΑΙ κατάστημα 40 τ.μ. εις Εγνατίαν. Τηλ. 29-625.

ΟΙΚΟΠΕΔΑ πωλούνται εις Πανόραμα. Τηλ. 76-330.

ΠΩΛΕΙΤΑΙ ψυγείον μεγάλον. Τηλ. 62-011.

ΕΝΟΙΚΙΑΖΕΤΑΙ ισόγειον κατάστημα. Τηλ.

ΖΗΤΕΙΤΑΙ νεαρά διά καταστήματος εμπορίου. Τηλ. 72-155.

ΚΑΘΗΓΗΤΗΣ Αγγλικών παραδίδει μαθήματα. Τηλ. 35-019.

ΖΗΤΟΥΝΤΑΙ τεχνίται κομμωτηρίου. Τηλ. 27-920.

ΖΗΤΕΙΤΑΙ τεχνίτης ηλεκτρολόγος. Τηλ. 221-458.

ΙΑΤΡΙΚΟΣ επισκέπτης ζητείται. Τηλ. 36-040.

ΖΗΤΟΥΝΤΑΙ βοηθοί σκηνοθέτου. Τηλ. 24-881.

ΠΑΡΑ ΠΟΛΥ ενοικιάζεται διαμέρισμα. Τηλ. 74-231.

ΖΗΤΕΙΤΑΙ νεαρά διά γραφείον. Τηλ. 33-171.

ΖΗΤΕΙΤΑΙ κυρία διά φύλαξιν παιδιού. Τηλ. 30-941.

ΖΗΤΕΙΤΑΙ νεαρά διά καταστήματος εμπορίου. Τηλ. 72-155.

ΚΑΘΗΓΗΤΗΣ Αγγλικών παραδίδει μαθήματα. Τηλ. 35-019.

ΖΗΤΟΥΝΤΑΙ τεχνίται κομμωτηρίου. Τηλ. 27-920.

ΖΗΤΕΙΤΑΙ τεχνίτης ηλεκτρολόγος. Τηλ. 221-458.

ΙΑΤΡΙΚΟΣ επισκέπτης ζητείται. Τηλ. 36-040.

ΖΗΤΟΥΝΤΑΙ βοηθοί σκηνοθέτου. Τηλ. 24-881.

ΠΑΡΑ ΠΟΛΥ ενοικιάζεται διαμέρισμα. Τηλ. 74-231.

ΖΗΤΕΙΤΑΙ νεαρά διά γραφείον. Τηλ. 33-171.

ΖΗΤΕΙΤΑΙ κυρία διά φύλαξιν παιδιού. Τηλ. 30-941.

ΖΗΤΕΙΤΑΙ νεαρά διά καταστήματος εμπορίου. Τηλ. 72-155.

ΚΑΘΗΓΗΤΗΣ Αγγλικών παραδίδει μαθήματα. Τηλ. 35-019.

ΖΗΤΟΥΝΤΑΙ τεχνίται κομμωτηρίου. Τηλ. 27-920.

ΖΗΤΕΙΤΑΙ τεχνίτης ηλεκτρολόγος. Τηλ. 221-458.

ΙΑΤΡΙΚΟΣ επισκέπτης ζητείται. Τηλ. 36-040.

ΖΗΤΟΥΝΤΑΙ βοηθοί σκηνοθέτου. Τηλ. 24-881.

ΠΑΡΑ ΠΟΛΥ ενοικιάζεται διαμέρισμα. Τηλ. 74-231.

ΖΗΤΕΙΤΑΙ νεαρά διά γραφείον. Τηλ. 33-171.

ΖΗΤΕΙΤΑΙ κυρία διά φύλαξιν παιδιού. Τηλ. 30-941.

ΖΗΤΕΙΤΑΙ νεαρά διά καταστήματος εμπορίου. Τηλ. 72-155.

ΚΑΘΗΓΗΤΗΣ Αγγλικών παραδίδει μαθήματα. Τηλ. 35-019.

ΖΗΤΟΥΝΤΑΙ τεχνίται κομμωτηρίου. Τηλ. 27-920.

ΖΗΤΕΙΤΑΙ τεχνίτης ηλεκτρολόγος. Τηλ. 221-458.

ΙΑΤΡΙΚΟΣ επισκέπτης ζητείται. Τηλ. 36-040.

ΖΗΤΟΥΝΤΑΙ βοηθοί σκηνοθέτου. Τηλ. 24-881.

ΠΑΡΑ ΠΟΛΥ ενοικιάζεται διαμέρισμα. Τηλ. 74-231.

ΖΗΤΕΙΤΑΙ νεαρά διά γραφείον. Τηλ. 33-171.

ΖΗΤΕΙΤΑΙ κυρία διά φύλαξιν παιδιού. Τηλ. 30-941.

ΖΗΤΕΙΤΑΙ νεαρά διά καταστήματος εμπορίου. Τηλ. 72-155.

ΚΑΘΗΓΗΤΗΣ Αγγλικών παραδίδει μαθήματα. Τηλ. 35-019.

ΖΗΤΟΥΝΤΑΙ τεχνίται κομμωτηρίου. Τηλ. 27-920.

ΖΗΤΟΥΝΤΑΙ πωληταί διά εμπόρευμα. Τηλ. 40-628.

ΠΡΟΣΤΑΤΕΥΜΕΝΟΣ λογιστής ζητεί εργασίαν. Τηλ. 39-141.

ΑΓΟΡΑΖΟΝΤΑΙ έπιπλα μεταχειρισμένα. Τηλ. 33-174.

ΖΗΤΕΙΤΑΙ ηλεκτροτεχνίτης. Τηλ. 81-260.

ΟΠΕΛ ΚΑΝΤΕΤ πωλείται εις καλήν κατάστασιν. Τηλ. 51-905.

ΑΥΤΟΚΙΝΗΤΑ ενοικιάζονται. Τηλ. 41-012.

ΠΩΛΕΙΤΑΙ Μερσεντές 190. Τηλ. 64-320.

ΑΝΤΑΛΛΑΣΣΕΤΑΙ οικόπεδον. Τηλ. 22-120.

ΖΗΤΕΙΤΑΙ πωλήτρια. Τηλ. 89-024.

ΖΗΤΟΥΝΤΑΙ πωληταί διά εμπόρευμα. Τηλ. 40-628.

ΠΡΟΣΤΑΤΕΥΜΕΝΟΣ λογιστής ζητεί εργασίαν. Τηλ. 39-141.

ΑΓΟΡΑΖΟΝΤΑΙ έπιπλα μεταχειρισμένα. Τηλ. 33-174.

ΖΗΤΕΙΤΑΙ ηλεκτροτεχνίτης. Τηλ. 81-260.

ΟΠΕΛ ΚΑΝΤΕΤ πωλείται εις καλήν κατάστασιν. Τηλ. 51-905.

ΑΥΤΟΚΙΝΗΤΑ ενοικιάζονται. Τηλ. 41-012.

ΠΩΛΕΙΤΑΙ Μερσεντές 190. Τηλ. 64-320.

ΑΝΤΑΛΛΑΣΣΕΤΑΙ οικόπεδον. Τηλ. 22-120.

ΖΗΤΕΙΤΑΙ πωλήτρια. Τηλ. 89-024.

ΖΗΤΟΥΝΤΑΙ πωληταί διά εμπόρευμα. Τηλ. 40-628.

ΠΡΟΣΤΑΤΕΥΜΕΝΟΣ λογιστής ζητεί εργασίαν. Τηλ. 39-141.

ΑΓΟΡΑΖΟΝΤΑΙ έπιπλα μεταχειρισμένα. Τηλ. 33-174.

ΖΗΤΕΙΤΑΙ ηλεκτροτεχνίτης. Τηλ. 81-260.

ΟΠΕΛ ΚΑΝΤΕΤ πωλείται εις καλήν κατάστασιν. Τηλ. 51-905.

ΑΥΤΟΚΙΝΗΤΑ ενοικιάζονται. Τηλ. 41-012.

ΠΩΛΕΙΤΑΙ Μερσεντές 190. Τηλ. 64-320.

ΑΝΤΑΛΛΑΣΣΕΤΑΙ οικόπεδον. Τηλ. 22-120.

ΖΗΤΕΙΤΑΙ πωλήτρια. Τηλ. 89-024.

ΖΗΤΟΥΝΤΑΙ πωληταί διά εμπόρευμα. Τηλ. 40-628.

ΠΡΟΣΤΑΤΕΥΜΕΝΟΣ λογιστής ζητεί εργασίαν. Τηλ. 39-141.

ΑΓΟΡΑΖΟΝΤΑΙ έπιπλα μεταχειρισμένα. Τηλ. 33-174.

ΖΗΤΕΙΤΑΙ ηλεκτροτεχνίτης. Τηλ. 81-260.

ΟΠΕΛ ΚΑΝΤΕΤ πωλείται εις καλήν κατάστασιν. Τηλ. 51-905.

ΑΥΤΟΚΙΝΗΤΑ ενοικιάζονται. Τηλ. 41-012.

ΠΩΛΕΙΤΑΙ Μερσεντές 190. Τηλ. 64-320.

ΑΝΤΑΛΛΑΣΣΕΤΑΙ οικόπεδον. Τηλ. 22-120.

ΖΗΤΕΙΤΑΙ πωλήτρια. Τηλ. 89-024.

ΖΗΤΟΥΝΤΑΙ πωληταί διά εμπόρευμα. Τηλ. 40-628.

ΠΡΟΣΤΑΤΕΥΜΕΝΟΣ λογιστής ζητεί εργασίαν. Τηλ. 39-141.

ΑΓΟΡΑΖΟΝΤΑΙ έπιπλα μεταχειρισμένα. Τηλ. 33-174.

ΖΗΤΕΙΤΑΙ ηλεκτροτεχνίτης. Τηλ. 81-260.

ΟΠΕΛ ΚΑΝΤΕΤ πωλείται εις καλήν κατάστασιν. Τηλ. 51-905.

ΑΥΤΟΚΙΝΗΤΑ ενοικιάζονται. Τηλ. 41-012.

ΠΩΛΕΙΤΑΙ Μερσεντές 190. Τηλ. 64-320.

ΑΝΤΑΛΛΑΣΣΕΤΑΙ οικόπεδον. Τηλ. 22-120.

ΖΗΤΕΙΤΑΙ πωλήτρια. Τηλ. 89-024.

ΠΑΡΑΔΙΔΟΝΤΑΙ μαθήματα Γαλλικών. Τηλ. 60-455.

ΜΑΘΗΜΑΤΑ φυσικής - χημείας. Τηλ. 24-775.

ΚΑΘΗΓΗΤΗΣ μαθηματικών παραδίδει. Τηλ. 30-311.

ΦΙΛΟΛΟΓΟΣ παραδίδει μαθήματα. Τηλ. 25-939.

ΠΑΡΑΔΙΔΕΙ μαθήματα κιθάρας. Τηλ. 71-402.

ΑΡΙΣΤΟΚΡΑΤΑΙ κινηματογράφοι. Τηλ. 32-710.

Ο ΚΙΝΗΜΑΤΟΓΡΑΦΟΣ αναλαμβάνει εργασίας. Τηλ. 24-310.

ΦΙΛΜ κινηματογραφικά. Τηλ. 31-941.

ΤΕΛΕΙΩΣ καινούργια ζητείται κουζίνα. Τηλ. 46-105.

ΠΑΡΑΔΙΔΟΝΤΑΙ μαθήματα Γαλλικών. Τηλ. 60-455.

ΜΑΘΗΜΑΤΑ φυσικής - χημείας. Τηλ. 24-775.

ΚΑΘΗΓΗΤΗΣ μαθηματικών παραδίδει. Τηλ. 30-311.

ΦΙΛΟΛΟΓΟΣ παραδίδει μαθήματα. Τηλ. 25-939.

ΠΑΡΑΔΙΔΕΙ μαθήματα κιθάρας. Τηλ. 71-402.

ΑΡΙΣΤΟΚΡΑΤΑΙ κινηματογράφοι. Τηλ. 32-710.

Ο ΚΙΝΗΜΑΤΟΓΡΑΦΟΣ αναλαμβάνει εργασίας. Τηλ. 24-310.

ΦΙΛΜ κινηματογραφικά. Τηλ. 31-941.

ΤΕΛΕΙΩΣ καινούργια ζητείται κουζίνα. Τηλ. 46-105.

ΠΑΡΑΔΙΔΟΝΤΑΙ μαθήματα Γαλλικών. Τηλ. 60-455.

ΜΑΘΗΜΑΤΑ φυσικής - χημείας. Τηλ. 24-775.

ΚΑΘΗΓΗΤΗΣ μαθηματικών παραδίδει. Τηλ. 30-311.

ΦΙΛΟΛΟΓΟΣ παραδίδει μαθήματα. Τηλ. 25-939.

ΠΑΡΑΔΙΔΕΙ μαθήματα κιθάρας. Τηλ. 71-402.

ΑΡΙΣΤΟΚΡΑΤΑΙ κινηματογράφοι. Τηλ. 32-710.

Ο ΚΙΝΗΜΑΤΟΓΡΑΦΟΣ αναλαμβάνει εργασίας. Τηλ. 24-310.

ΦΙΛΜ κινηματογραφικά. Τηλ. 31-941.

ΤΕΛΕΙΩΣ καινούργια ζητείται κουζίνα. Τηλ. 46-105.

ΠΑΡΑΔΙΔΟΝΤΑΙ μαθήματα Γαλλικών. Τηλ. 60-455.

ΜΑΘΗΜΑΤΑ φυσικής - χημείας. Τηλ. 24-775.

ΚΑΘΗΓΗΤΗΣ μαθηματικών παραδίδει. Τηλ. 30-311.

ΦΙΛΟΛΟΓΟΣ παραδίδει μαθήματα. Τηλ. 25-939.

ΠΑΡΑΔΙΔΕΙ μαθήματα κιθάρας. Τηλ. 71-402.

ΑΡΙΣΤΟΚΡΑΤΑΙ κινηματογράφοι. Τηλ. 32-710.

Ο ΚΙΝΗΜΑΤΟΓΡΑΦΟΣ αναλαμβάνει εργασίας. Τηλ. 24-310.

ΦΙΛΜ κινηματογραφικά. Τηλ. 31-941.

ΤΕΛΕΙΩΣ καινούργια ζητείται κουζίνα. Τηλ. 46-105.

ΠΑΡΑΔΙΔΟΝΤΑΙ μαθήματα Γαλλικών. Τηλ. 60-455.

ΜΑΘΗΜΑΤΑ φυσικής - χημείας. Τηλ. 24-775.

ΚΑΘΗΓΗΤΗΣ μαθηματικών παραδίδει. Τηλ. 30-311.

ΦΙΛΟΛΟΓΟΣ παραδίδει μαθήματα. Τηλ. 25-939.

ΠΑΡΑΔΙΔΕΙ μαθήματα κιθάρας. Τηλ. 71-

ΛΟΓΙΣΤΗΣ αναλαμβάνει τήρησιν βιβλίων. Τηλ. 34-763.

ΜΑΘΗΜΑΤΑ ξένων γλωσσών. Τηλ. 28-300.

ΠΑΡΑΔΙΔΟΝΤΑΙ μαθήματα πιάνου. Τηλ. 43-201.

ΑΝΑΛΑΜΒΑΝΩ μεταφράσεις. Τηλ. 31-760.

ΖΗΤΕΙΤΑΙ δακτυλογράφος. Τηλ. 27-155.

ΕΡΓΑΣΤΗΡΙΟΝ ραπτικής ζητεί εργάτριας. Τηλ. 32-081.

ΚΑΘΗΓΗΤΡΙΑ Αγγλικών. Τηλ. 38-770.

ΠΩΛΕΙΤΑΙ ραδιόφωνον. Τηλ. 40-118.

ΖΗΤΕΙΤΑΙ βοηθός φαρμακοποιού. Τηλ. 25-744.

ΛΟΓΙΣΤΗΣ αναλαμβάνει τήρησιν βιβλίων. Τηλ. 34-763.

ΜΑΘΗΜΑΤΑ ξένων γλωσσών. Τηλ. 28-300.

ΠΑΡΑΔΙΔΟΝΤΑΙ μαθήματα πιάνου. Τηλ. 43-201.

ΑΝΑΛΑΜΒΑΝΩ μεταφράσεις. Τηλ. 31-760.

ΖΗΤΕΙΤΑΙ δακτυλογράφος. Τηλ. 27-155.

ΕΡΓΑΣΤΗΡΙΟΝ ραπτικής ζητεί εργάτριας. Τηλ. 32-081.

ΚΑΘΗΓΗΤΡΙΑ Αγγλικών. Τηλ. 38-770.

ΠΩΛΕΙΤΑΙ ραδιόφωνον. Τηλ. 40-118.

ΖΗΤΕΙΤΑΙ βοηθός φαρμακοποιού. Τηλ. 25-744.

ΛΟΓΙΣΤΗΣ αναλαμβάνει τήρησιν βιβλίων. Τηλ. 34-763.

ΜΑΘΗΜΑΤΑ ξένων γλωσσών. Τηλ. 28-300.

ΠΑΡΑΔΙΔΟΝΤΑΙ μαθήματα πιάνου. Τηλ. 43-201.

ΑΝΑΛΑΜΒΑΝΩ μεταφράσεις. Τηλ. 31-760.

ΖΗΤΕΙΤΑΙ δακτυλογράφος. Τηλ. 27-155.

ΕΡΓΑΣΤΗΡΙΟΝ ραπτικής ζητεί εργάτριας. Τηλ. 32-081.

ΚΑΘΗΓΗΤΡΙΑ Αγγλικών. Τηλ. 38-770.

ΠΩΛΕΙΤΑΙ ραδιόφωνον. Τηλ. 40-118.

ΖΗΤΕΙΤΑΙ βοηθός φαρμακοποιού. Τηλ. 25-744.

ΛΟΓΙΣΤΗΣ αναλαμβάνει τήρησιν βιβλίων. Τηλ. 34-763.

ΜΑΘΗΜΑΤΑ ξένων γλωσσών. Τηλ. 28-300.

ΠΑΡΑΔΙΔΟΝΤΑΙ μαθήματα πιάνου. Τηλ. 43-201.

ΑΝΑΛΑΜΒΑΝΩ μεταφράσεις. Τηλ. 31-760.

ΖΗΤΕΙΤΑΙ δακτυλογράφος. Τηλ. 27-155.

ΕΡΓΑΣΤΗΡΙΟΝ ραπτικής ζητεί εργάτριας. Τηλ. 32-081.

ΚΑΘΗΓΗΤΡΙΑ Αγγλικών. Τηλ. 38-770.

ΠΩΛΕΙΤΑΙ ραδιόφωνον. Τηλ. 40-118.

ΖΗΤΕΙΤΑΙ βοηθός φαρμακοποιού. Τηλ. 25-744.

ΛΟΓΙΣΤΗΣ αναλαμβάνει τήρησιν βιβλίων. Τηλ. 34-763.

ΜΑΘΗΜΑΤΑ ξένων γλωσσών. Τηλ. 28-300.

ΠΑΡΑΔΙΔΟΝΤΑΙ μαθήματα πιάνου. Τηλ. 43-201.

ΑΝΑΛΑΜΒΑΝΩ μεταφράσεις. Τηλ. 31-760.

ΖΗΤΕΙΤΑΙ δακτυλογράφος. Τηλ. 27-155.

ΕΡΓΑΣΤΗΡΙΟΝ ραπτικής ζητεί εργάτριας. Τηλ. 32-081.

ΚΑΘΗΓΗΤΡΙΑ Αγγλικών. Τηλ. 38-770.

ΠΩΛΕΙΤΑΙ ραδιόφωνον. Τηλ. 40-118.

ΖΗΤΕΙΤΑΙ βοηθός φαρμακοποιού. Τηλ. 25-744.

ΣΕΣΗΜΑΣΜΕΝΟΣ ΛΑΘΡΕΜΠΟΡΟΣ ΝΑΡΚΩΤΙΚΩΝ ΚΑΤΕΔΙΚΑΣΘΗ ΕΙΣ ΠΕΝΤΕ ΕΤΩΝ ΦΥΛΑΚΙΣΙΝ
ΑΥΣΤΗΡΑΙ ΠΟΙΝΑΙ ΚΑΙ ΕΙΣ ΔΥΟ ΑΛΛΟΔΑΠΟΥΣ

ΑΛΕΞΑΝΔΡΟΥΠΟΛΙΣ, 11.— Υπό τού τριμελούς Πλημμελειοδικείου κατεδικάσθη σεσημασμένος λαθρέμπορος ναρκωτικών εις πενταετή φυλάκισιν και χρηματικήν ποινήν 15.000 δραχμών.

ΑΛΕΞΑΝΔΡΟΥΠΟΛΙΣ, 11.— Υπό τού τριμελούς Πλημμελειοδικείου κατεδικάσθη σεσημασμένος λαθρέμπορος ναρκωτικών εις πενταετή φυλάκισιν και χρηματικήν ποινήν 15.000 δραχμών.

ΑΛΕΞΑΝΔΡΟΥΠΟΛΙΣ, 11.— Υπό τού τριμελούς Πλημμελειοδικείου κατεδικάσθη σεσημασμένος λαθρέμπορος ναρκωτικών εις πενταετή φυλάκισιν και χρηματικήν ποινήν 15.000 δραχμών.

ΑΛΕΞΑΝΔΡΟΥΠΟΛΙΣ, 11.— Υπό τού τριμελούς Πλημμελειοδικείου κατεδικάσθη σεσημασμένος λαθρέμπορος ναρκωτικών εις πενταετή φυλάκισιν και χρηματικήν ποινήν 15.000 δραχμών.

ΑΛΕΞΑΝΔΡΟΥΠΟΛΙΣ, 11.— Υπό τού τριμελούς Πλημμελειοδικείου κατεδικάσθη σεσημασμένος λαθρέμπορος ναρκωτικών εις πενταετή φυλάκισιν και χρηματικήν ποινήν 15.000 δραχμών.

ΑΛΕΞΑΝΔΡΟΥΠΟΛΙΣ, 11.— Υπό τού τριμελούς Πλημμελειοδικείου κατεδικάσθη σεσημασμένος λαθρέμπορος ναρκωτικών εις πενταετή φυλάκισιν και χρηματικήν ποινήν 15.000 δραχμών.

ΠΛΗΡΩΣΙΣ ΤΗΣ ΤΑΚΤΙΚΗΣ ΕΔΡΑΣ ΤΗΣ ΓΕΩΡΓΙΑΣ ΤΗΣ ΓΕΩΠΟΝΙΚΗΣ ΚΑΙ ΔΑΣΟΛΟΓΙΚΗΣ ΣΧΟΛΗΣ

Η γεωπονική και δασολογική σχολή τού Πανεπιστημίου Θεσσαλονίκης ανακοινώνει ότι προκηρύσσει την πλήρωσιν τής τακτικής έδρας τής Γεωργίας. Αι αιτήσεις υποψηφιότητος θα υποβληθούν εντός τεσσάρων μηνών.

Η γεωπονική και δασολογική σχολή τού Πανεπιστημίου Θεσσαλονίκης ανακοινώνει ότι προκηρύσσει την πλήρωσιν τής τακτικής έδρας τής Γεωργίας. Αι αιτήσεις υποψηφιότητος θα υποβληθούν εντός τεσσάρων μηνών.

Η γεωπονική και δασολογική σχολή τού Πανεπιστημίου Θεσσαλονίκης ανακοινώνει ότι προκηρύσσει την πλήρωσιν τής τακτικής έδρας τής Γεωργίας. Αι αιτήσεις υποψηφιότητος θα υποβληθούν εντός τεσσάρων μηνών.

Η γεωπονική και δασολογική σχολή τού Πανεπιστημίου Θεσσαλονίκης ανακοινώνει ότι προκηρύσσει την πλήρωσιν τής τακτικής έδρας τής Γεωργίας. Αι αιτήσεις υποψηφιότητος θα υποβληθούν εντός τεσσάρων μηνών.

Η γεωπονική και δασολογική σχολή τού Πανεπιστημίου Θεσσαλονίκης ανακοινώνει ότι προκηρύσσει την πλήρωσιν τής τακτικής έδρας τής Γεωργίας. Αι αιτήσεις υποψηφιότητος θα υποβληθούν εντός τεσσάρων μηνών.

Η γεωπονική και δασολογική σχολή τού Πανεπιστημίου Θεσσαλονίκης ανακοινώνει ότι προκηρύσσει την πλήρωσιν τής τακτικής έδρας τής Γεωργίας. Αι αιτήσεις υποψηφιότητος θα υποβληθούν εντός τεσσάρων μηνών.

ΠΛΗΡΩΣΙΣ ΕΠΙ ΘΗΤΕΙΑ ΙΑΤΡΙΚΩΝ ΘΕΣΕΩΝ ΕΙΣ ΤΟ ΓΕΝΙΚΟΝ ΝΟΣΟΚΟΜΕΙΟΝ ΤΟΥ ΚΙΛΚΙΣ

Τό Γενικόν Νοσοκομείον Κιλκίς ανακοινοί ότι προκηρύσσει την πλήρωσιν επί θητεία ιατρικών θέσεων. Οι ενδιαφερόμενοι καλούνται να υποβάλουν αιτήσεις.

Τό Γενικόν Νοσοκομείον Κιλκίς ανακοινοί ότι προκηρύσσει την πλήρωσιν επί θητεία ιατρικών θέσεων. Οι ενδιαφερόμενοι καλούνται να υποβάλουν αιτήσεις.

Τό Γενικόν Νοσοκομείον Κιλκίς ανακοινοί ότι προκηρύσσει την πλήρωσιν επί θητεία ιατρικών θέσεων. Οι ενδιαφερόμενοι καλούνται να υποβάλουν αιτήσεις.

Τό Γενικόν Νοσοκομείον Κιλκίς ανακοινοί ότι προκηρύσσει την πλήρωσιν επί θητεία ιατρικών θέσεων. Οι ενδιαφερόμενοι καλούνται να υποβάλουν αιτήσεις.

Ο Διευθυντής ΧΡ. Δ. ΠΑΠΑΔΗΜΗΤΡΙΟΥ
